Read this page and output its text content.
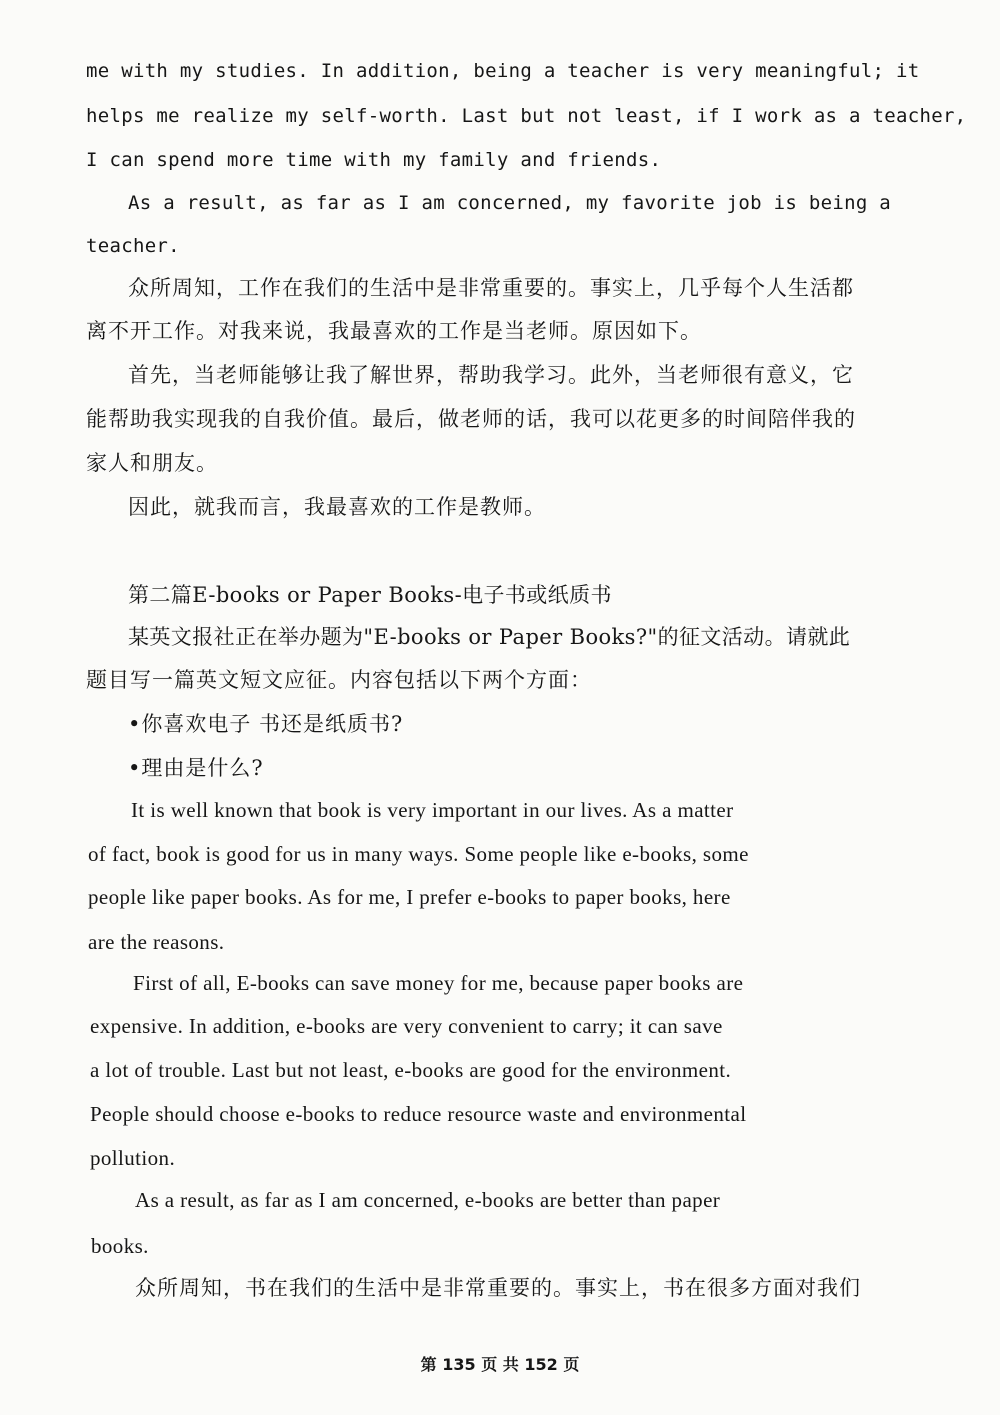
me with my studies. In addition, being a teacher is very meaningful; it
helps me realize my self-worth. Last but not least, if I work as a teacher,
I can spend more time with my family and friends.
As a result, as far as I am concerned, my favorite job is being a
teacher.
众所周知，工作在我们的生活中是非常重要的。事实上，几乎每个人生活都
离不开工作。对我来说，我最喜欢的工作是当老师。原因如下。
首先，当老师能够让我了解世界，帮助我学习。此外，当老师很有意义，它
能帮助我实现我的自我价值。最后，做老师的话，我可以花更多的时间陪伴我的
家人和朋友。
因此，就我而言，我最喜欢的工作是教师。
第二篇E-books or Paper Books-电子书或纸质书
某英文报社正在举办题为"E-books or Paper Books?"的征文活动。请就此
题目写一篇英文短文应征。内容包括以下两个方面：
•你喜欢电子 书还是纸质书?
•理由是什么?
It is well known that book is very important in our lives. As a matter
of fact, book is good for us in many ways. Some people like e-books, some
people like paper books. As for me, I prefer e-books to paper books, here
are the reasons.
First of all, E-books can save money for me, because paper books are
expensive. In addition, e-books are very convenient to carry; it can save
a lot of trouble. Last but not least, e-books are good for the environment.
People should choose e-books to reduce resource waste and environmental
pollution.
As a result, as far as I am concerned, e-books are better than paper
books.
众所周知，书在我们的生活中是非常重要的。事实上，书在很多方面对我们
第 135 页 共 152 页
